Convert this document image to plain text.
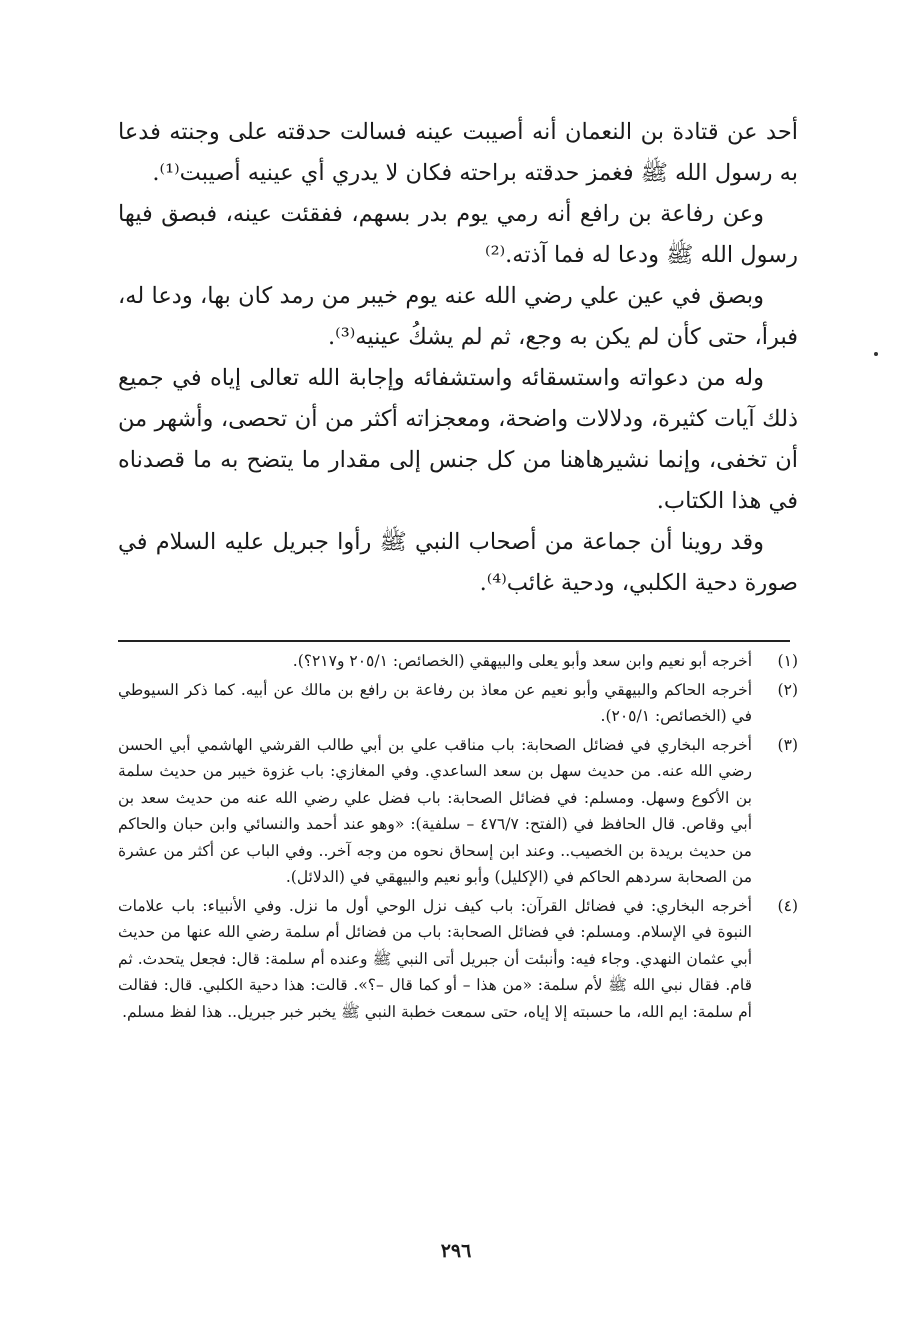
أحد عن قتادة بن النعمان أنه أصيبت عينه فسالت حدقته على وجنته فدعا به رسول الله ﷺ فغمز حدقته براحته فكان لا يدري أي عينيه أصيبت⁽¹⁾.

وعن رفاعة بن رافع أنه رمي يوم بدر بسهم، ففقئت عينه، فبصق فيها رسول الله ﷺ ودعا له فما آذته.⁽²⁾

وبصق في عين علي رضي الله عنه يوم خيبر من رمد كان بها، ودعا له، فبرأ، حتى كأن لم يكن به وجع، ثم لم يشكُ عينيه⁽³⁾.

وله من دعواته واستسقائه واستشفائه وإجابة الله تعالى إياه في جميع ذلك آيات كثيرة، ودلالات واضحة، ومعجزاته أكثر من أن تحصى، وأشهر من أن تخفى، وإنما نشيرهاهنا من كل جنس إلى مقدار ما يتضح به ما قصدناه في هذا الكتاب.

وقد روينا أن جماعة من أصحاب النبي ﷺ رأوا جبريل عليه السلام في صورة دحية الكلبي، ودحية غائب⁽⁴⁾.

(١)
أخرجه أبو نعيم وابن سعد وأبو يعلى والبيهقي (الخصائص: ٢٠٥/١ و٢١٧؟).
(٢)
أخرجه الحاكم والبيهقي وأبو نعيم عن معاذ بن رفاعة بن رافع بن مالك عن أبيه. كما ذكر السيوطي في (الخصائص: ٢٠٥/١).
(٣)
أخرجه البخاري في فضائل الصحابة: باب مناقب علي بن أبي طالب القرشي الهاشمي أبي الحسن رضي الله عنه. من حديث سهل بن سعد الساعدي. وفي المغازي: باب غزوة خيبر من حديث سلمة بن الأكوع وسهل. ومسلم: في فضائل الصحابة: باب فضل علي رضي الله عنه من حديث سعد بن أبي وقاص. قال الحافظ في (الفتح: ٤٧٦/٧ – سلفية): «وهو عند أحمد والنسائي وابن حبان والحاكم من حديث بريدة بن الخصيب.. وعند ابن إسحاق نحوه من وجه آخر.. وفي الباب عن أكثر من عشرة من الصحابة سردهم الحاكم في (الإكليل) وأبو نعيم والبيهقي في (الدلائل).
(٤)
أخرجه البخاري: في فضائل القرآن: باب كيف نزل الوحي أول ما نزل. وفي الأنبياء: باب علامات النبوة في الإسلام. ومسلم: في فضائل الصحابة: باب من فضائل أم سلمة رضي الله عنها من حديث أبي عثمان النهدي. وجاء فيه: وأنبئت أن جبريل أتى النبي ﷺ وعنده أم سلمة: قال: فجعل يتحدث. ثم قام. فقال نبي الله ﷺ لأم سلمة: «من هذا – أو كما قال –؟». قالت: هذا دحية الكلبي. قال: فقالت أم سلمة: ايم الله، ما حسبته إلا إياه، حتى سمعت خطبة النبي ﷺ يخبر خبر جبريل.. هذا لفظ مسلم.
٢٩٦
